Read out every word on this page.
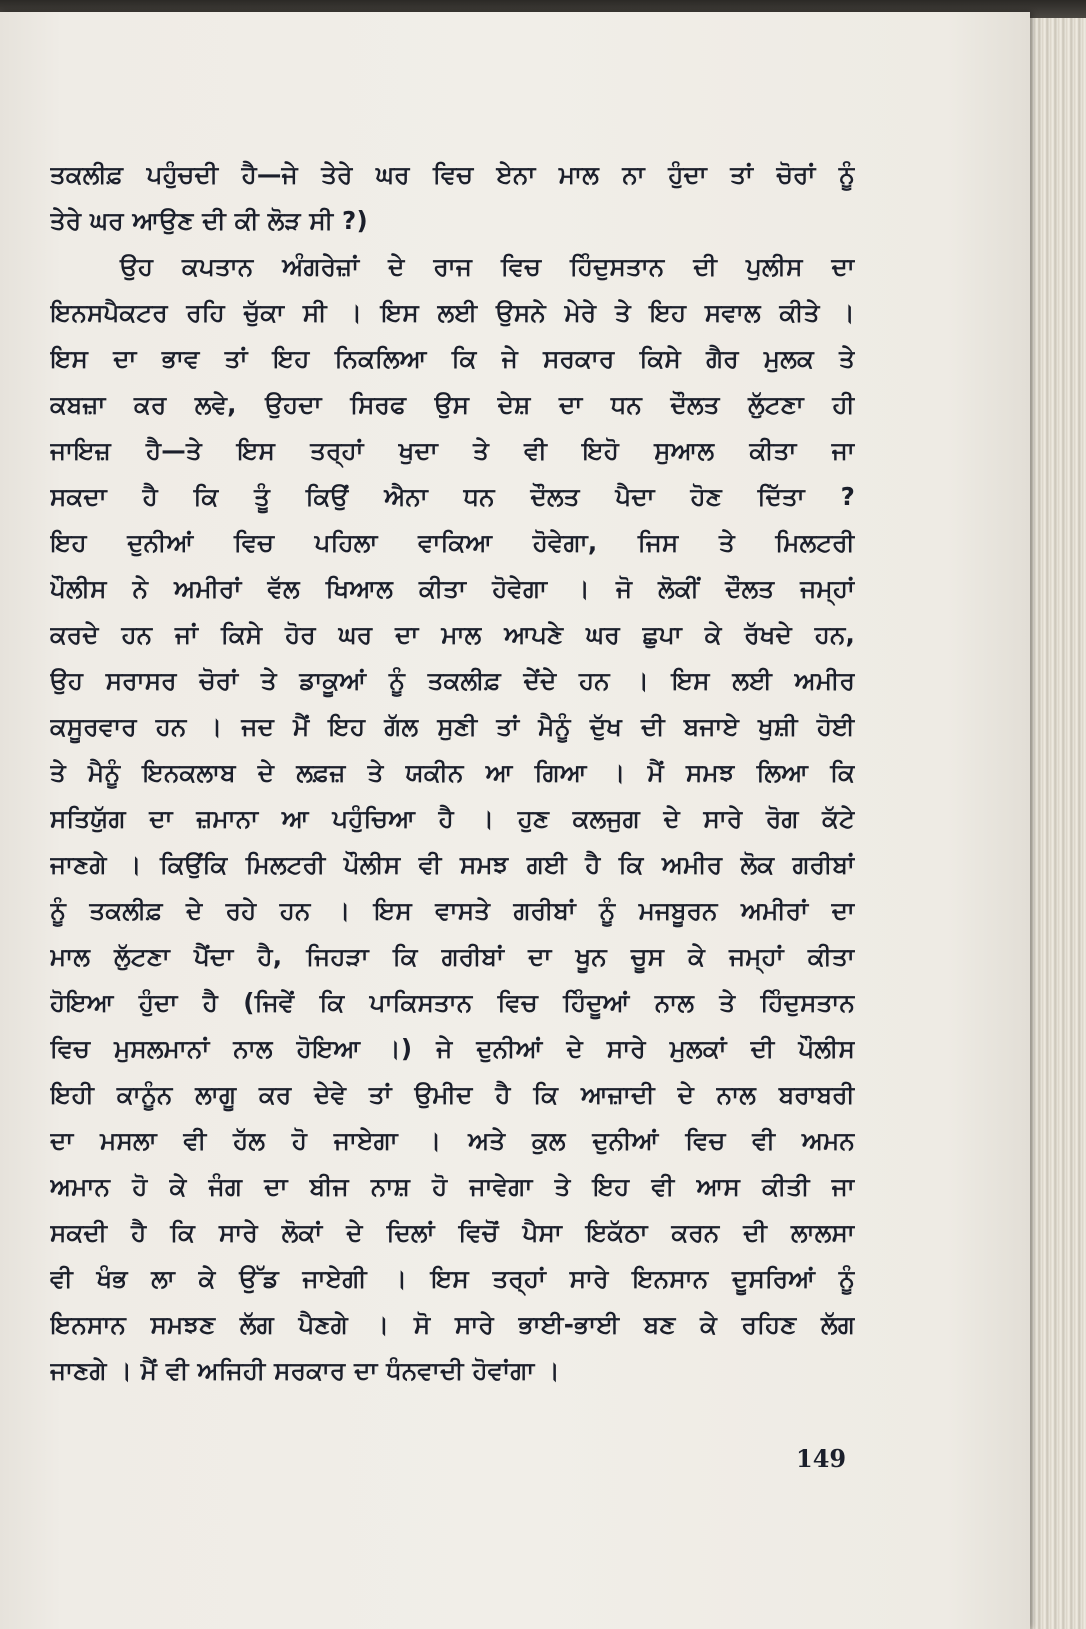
ਤਕਲੀਫ਼ ਪਹੁੰਚਦੀ ਹੈ—ਜੇ ਤੇਰੇ ਘਰ ਵਿਚ ਏਨਾ ਮਾਲ ਨਾ ਹੁੰਦਾ ਤਾਂ ਚੋਰਾਂ ਨੂੰ
ਤੇਰੇ ਘਰ ਆਉਣ ਦੀ ਕੀ ਲੋੜ ਸੀ ?)
ਉਹ ਕਪਤਾਨ ਅੰਗਰੇਜ਼ਾਂ ਦੇ ਰਾਜ ਵਿਚ ਹਿੰਦੁਸਤਾਨ ਦੀ ਪੁਲੀਸ ਦਾ
ਇਨਸਪੈਕਟਰ ਰਹਿ ਚੁੱਕਾ ਸੀ । ਇਸ ਲਈ ਉਸਨੇ ਮੇਰੇ ਤੇ ਇਹ ਸਵਾਲ ਕੀਤੇ ।
ਇਸ ਦਾ ਭਾਵ ਤਾਂ ਇਹ ਨਿਕਲਿਆ ਕਿ ਜੇ ਸਰਕਾਰ ਕਿਸੇ ਗੈਰ ਮੁਲਕ ਤੇ
ਕਬਜ਼ਾ ਕਰ ਲਵੇ, ਉਹਦਾ ਸਿਰਫ ਉਸ ਦੇਸ਼ ਦਾ ਧਨ ਦੌਲਤ ਲੁੱਟਣਾ ਹੀ
ਜਾਇਜ਼ ਹੈ—ਤੇ ਇਸ ਤਰ੍ਹਾਂ ਖੁਦਾ ਤੇ ਵੀ ਇਹੋ ਸੁਆਲ ਕੀਤਾ ਜਾ
ਸਕਦਾ ਹੈ ਕਿ ਤੂੰ ਕਿਉਂ ਐਨਾ ਧਨ ਦੌਲਤ ਪੈਦਾ ਹੋਣ ਦਿੱਤਾ ?
ਇਹ ਦੁਨੀਆਂ ਵਿਚ ਪਹਿਲਾ ਵਾਕਿਆ ਹੋਵੇਗਾ, ਜਿਸ ਤੇ ਮਿਲਟਰੀ
ਪੌਲੀਸ ਨੇ ਅਮੀਰਾਂ ਵੱਲ ਖਿਆਲ ਕੀਤਾ ਹੋਵੇਗਾ । ਜੋ ਲੋਕੀਂ ਦੌਲਤ ਜਮ੍ਹਾਂ
ਕਰਦੇ ਹਨ ਜਾਂ ਕਿਸੇ ਹੋਰ ਘਰ ਦਾ ਮਾਲ ਆਪਣੇ ਘਰ ਛੁਪਾ ਕੇ ਰੱਖਦੇ ਹਨ,
ਉਹ ਸਰਾਸਰ ਚੋਰਾਂ ਤੇ ਡਾਕੂਆਂ ਨੂੰ ਤਕਲੀਫ਼ ਦੇਂਦੇ ਹਨ । ਇਸ ਲਈ ਅਮੀਰ
ਕਸੂਰਵਾਰ ਹਨ । ਜਦ ਮੈਂ ਇਹ ਗੱਲ ਸੁਣੀ ਤਾਂ ਮੈਨੂੰ ਦੁੱਖ ਦੀ ਬਜਾਏ ਖੁਸ਼ੀ ਹੋਈ
ਤੇ ਮੈਨੂੰ ਇਨਕਲਾਬ ਦੇ ਲਫ਼ਜ਼ ਤੇ ਯਕੀਨ ਆ ਗਿਆ । ਮੈਂ ਸਮਝ ਲਿਆ ਕਿ
ਸਤਿਯੁੱਗ ਦਾ ਜ਼ਮਾਨਾ ਆ ਪਹੁੰਚਿਆ ਹੈ । ਹੁਣ ਕਲਜੁਗ ਦੇ ਸਾਰੇ ਰੋਗ ਕੱਟੇ
ਜਾਣਗੇ । ਕਿਉਂਕਿ ਮਿਲਟਰੀ ਪੌਲੀਸ ਵੀ ਸਮਝ ਗਈ ਹੈ ਕਿ ਅਮੀਰ ਲੋਕ ਗਰੀਬਾਂ
ਨੂੰ ਤਕਲੀਫ਼ ਦੇ ਰਹੇ ਹਨ । ਇਸ ਵਾਸਤੇ ਗਰੀਬਾਂ ਨੂੰ ਮਜਬੂਰਨ ਅਮੀਰਾਂ ਦਾ
ਮਾਲ ਲੁੱਟਣਾ ਪੈਂਦਾ ਹੈ, ਜਿਹੜਾ ਕਿ ਗਰੀਬਾਂ ਦਾ ਖੂਨ ਚੂਸ ਕੇ ਜਮ੍ਹਾਂ ਕੀਤਾ
ਹੋਇਆ ਹੁੰਦਾ ਹੈ (ਜਿਵੇਂ ਕਿ ਪਾਕਿਸਤਾਨ ਵਿਚ ਹਿੰਦੂਆਂ ਨਾਲ ਤੇ ਹਿੰਦੁਸਤਾਨ
ਵਿਚ ਮੁਸਲਮਾਨਾਂ ਨਾਲ ਹੋਇਆ ।) ਜੇ ਦੁਨੀਆਂ ਦੇ ਸਾਰੇ ਮੁਲਕਾਂ ਦੀ ਪੌਲੀਸ
ਇਹੀ ਕਾਨੂੰਨ ਲਾਗੂ ਕਰ ਦੇਵੇ ਤਾਂ ਉਮੀਦ ਹੈ ਕਿ ਆਜ਼ਾਦੀ ਦੇ ਨਾਲ ਬਰਾਬਰੀ
ਦਾ ਮਸਲਾ ਵੀ ਹੱਲ ਹੋ ਜਾਏਗਾ । ਅਤੇ ਕੁਲ ਦੁਨੀਆਂ ਵਿਚ ਵੀ ਅਮਨ
ਅਮਾਨ ਹੋ ਕੇ ਜੰਗ ਦਾ ਬੀਜ ਨਾਸ਼ ਹੋ ਜਾਵੇਗਾ ਤੇ ਇਹ ਵੀ ਆਸ ਕੀਤੀ ਜਾ
ਸਕਦੀ ਹੈ ਕਿ ਸਾਰੇ ਲੋਕਾਂ ਦੇ ਦਿਲਾਂ ਵਿਚੋਂ ਪੈਸਾ ਇਕੱਠਾ ਕਰਨ ਦੀ ਲਾਲਸਾ
ਵੀ ਖੰਭ ਲਾ ਕੇ ਉੱਡ ਜਾਏਗੀ । ਇਸ ਤਰ੍ਹਾਂ ਸਾਰੇ ਇਨਸਾਨ ਦੂਸਰਿਆਂ ਨੂੰ
ਇਨਸਾਨ ਸਮਝਣ ਲੱਗ ਪੈਣਗੇ । ਸੋ ਸਾਰੇ ਭਾਈ-ਭਾਈ ਬਣ ਕੇ ਰਹਿਣ ਲੱਗ
ਜਾਣਗੇ । ਮੈਂ ਵੀ ਅਜਿਹੀ ਸਰਕਾਰ ਦਾ ਧੰਨਵਾਦੀ ਹੋਵਾਂਗਾ ।
149
